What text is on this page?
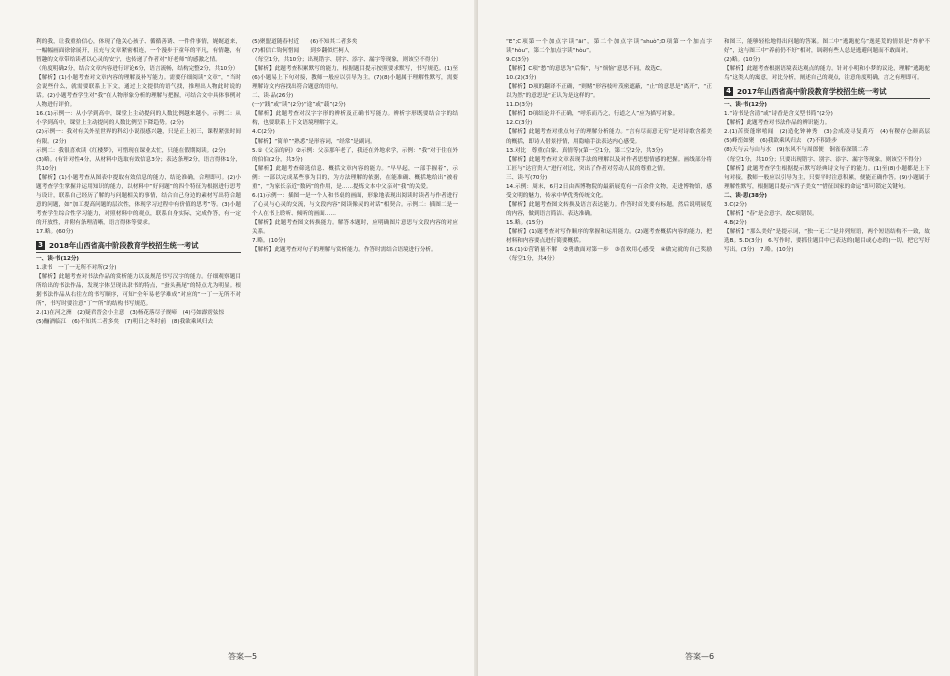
利的我，让我重拾信心，体现了他关心孩子、循循善诱、一件件事情，娓娓道来，一幅幅画面徐徐展开，且充与文章紧密相连，一个漫步于童年的平凡，有情趣，有智趣的文章带给读者以心灵的安宁，也传递了作者对“好老师”的感激之情。

（角度明确2分，结合文章内容进行评论6分，语言流畅，结构完整2分，共10分）

【解析】(1)小题考查对文章内容的理解及补写能力。需要仔细阅读“文章”，“当时会说些什么，就需要联系上下文，通过上文提供的语气找，推理出人物此时说的话。(2)小题考查学生对“我”在人物形象分析的理解与把握，可结合文中具体事例对人物进行评价。

16.(1)示例一：从小学到高中，课堂上主动提问的人数比例越来越小。示例二：从小学到高中，课堂上主动提问的人数比例呈下降趋势。(2分)

(2)示例一：我对有关外星世界的科幻小说很感兴趣，只是正上初三，课程紧张时间有限。(2分)

示例二：我很喜欢读《红楼梦》，可惜现在课业太忙，只能在假期阅读。(2分)

(3)略。(有针对性4分，从材料中选取有效信息3分；表达条理2分，语言得体1分，共10分)

【解析】(1)小题考查从图表中提取有效信息的能力，结论准确，合理即可。(2)小题考查学生掌握并运用知识的能力，以材料中“好问题”的四个特征为根据进行思考与设计，联系自己经历了解的与问题相关的事情，结合自己身边的素材写出符合题意的问题，如“加工提高问题的层次性，体现学习过程中有价值的思考”等。(3)小题考查学生综合性学习能力，对照材料中的观点，联系自身实际，完成作答，有一定的开放性，并附有条理清晰，语言得体等要求。

17.略。(60分)

3 2018年山西省高中阶段教育学校招生统一考试

一、读·书(12分)

1.隶书　一丁一无所不对所(2分)

【解析】此题考查对书法作品的赏析能力以及规范书写汉字的能力。仔细观察题目所给出的书法作品，发现字体呈现出隶书的特点，“蚕头燕尾”的特点尤为明显。根据书法作品从右往左的书写顺序，可知“全年易老学难成”对应的“一丁一无所不对所”，书写时要注意“丁”“所”的结构书写规范。

2.(1)在河之洲　(2)疑君晋会小主意　(3)杨花落尽子规啼　(4)弓如霹雳弦惊

(5)酾酒临江　(6)不知其二者多矣　(7)明日之冬时前　(8)我欲乘风归去

(5)聚盟道随春衬近　　(6)不知其二者多矣

(7)相信亡钩何惜闻　　到乡翻似烂柯人

（每空1分，共10分；出现错字、别字、添字、漏字等现象，则该空不得分）

【解析】此题考查积累默写的能力，根据题目提示按照要求默写，书写规范。(1)至(6)小题易上下句对接，教师一般应以引导为主。(7)(8)小题属于理解性默写，需要理解诗文内容找出符合题意的语句。

二、读·品(26分)

(一)“践”或“读”(2分)“途”或“载”(2分)

【解析】此题考查对汉字字形的辨析及正确书写能力。辨析字形既要结合字的结构，也要联系上下文语境理解字义。

4.C(2分)

【解析】“简单”“熟悉”是形容词，“经常”是副词。

5.①《父亲的码》②示例：父亲那年老了，我还在外地求学，示例：“我”对于住在外的伯伯(2分，共3分)

【解析】此题考查筛选信息、概括文章内容的能力。“早早起，一部手握着”，示例：一部以完成某些事为目的，为方法理解的依据，在能准确、概括地给出“被看重”，“为家长亲近“数码”的作用，是……提炼文本中父亲对“我”的关爱。

6.(1)示例一：插图一是一个人和书桌的画面，形象地表现出阅读时读者与作者进行了心灵与心灵的交流，与文段内容“阅读像灵的对话”相契合。示例二：插图二是一个人在书上聆听、倾听的画面……

【解析】此题考查图文转换能力。解答本题时，应明确图片意思与文段内容的对应关系。

7.略。(10分)

【解析】此题考查对句子的理解与赏析能力。作答时需结合语境进行分析。

答案—5

“E”;C项第一个加点字读“āi”，第二个加点字读“shuò”;D项第一个加点字读“hòu”，第二个加点字读“hòu”。

9.C(3分)

【解析】C项“愁”的意思为“后悔”，与“烦恼”意思不同，故选C。

10.(2)(3分)

【解析】D项的翻译不正确，“则赌”形容枝叶茂密遮蔽，“止”的意思是“离开”，“正以为然”的意思是“正认为是这样的”。

11.D(3分)

【解析】D项结论并不正确，“呼乐而乃之，行道之人”应为描写对象。

12.C(3分)

【解析】此题考查对重点句子的理解分析能力。“言有尽而意无穷”是对诗歌含蓄美的概括，即诗人借景抒情，用隐喻手法表达内心感受。

13.对比　尊重(白象、真情等)(第一空1分，第二空2分，共3分)

【解析】此题考查对文章表现手法的理解以及对作者思想情感的把握。画线部分将工匠与“达官贵人”进行对比，突出了作者对劳动人民的尊重之情。

三、读·写(70分)

14.示例：周末，6月2日由西博物院的最新展览有一百余件文物，走进博物馆，感受文明的魅力，传承中华优秀传统文化。

【解析】此题考查图文转换及语言表达能力。作答时首先要有标题，然后说明展览的内容，做到语言简洁、表达准确。

15.略。(15分)

【解析】(1)题考查对写作顺序的掌握和运用能力。(2)题考查概括内容的能力，把材料和内容要点进行简要概括。

16.(1)①营销量不解　②勇敢面对第一步　③喜欢用心感受　④做完就的自己奖励（每空1分，共4分）

和图三，能够轻松地得出问题的答案。图二中“逃跑驼鸟”逸延荒的情景是“炸驴不好”，这与图三中“养前仍不好”相对，讽刺有些人总是逃避问题而不敢面对。

(2)略。(10分)

【解析】此题考查根据语境表达观点的能力。针对小明和小梦的议论，理解“逃跑驼鸟”这类人的寓意，对比分析，阐述自己的观点，注意角度明确，言之有理即可。

4 2017年山西省高中阶段教育学校招生统一考试

一、读·书(12分)

1.“诗书是含清”或“诗香是含义型书简”(2分)

【解析】此题考查对书法作品的辨识能力。

2.(1)苦资蓬窜嘻闻　(2)造化钟神秀　(3)会成凌寻复黄巧　(4)有稷存仓颜高层　(5)峰峦如聚　(6)我欲乘风归去　(7)不积跬步

(8)天与云与山与水　(9)东风不与周郎便　铜雀春深锁二乔

（每空1分，共10分；只要出现错字、别字、添字、漏字等现象，则该空不得分）

【解析】此题考查学生根据提示默写经典诗文句子的能力。(1)至(8)小题都是上下句对接，教师一般应以引导为主，只要平时注意积累，便能正确作答。(9)小题属于理解性默写，根据题目提示“西子美女”“惜征国家的命运”即可锁定关键句。

二、读·思(38分)

3.C(2分)

【解析】“春”是会意字，故C项错误。

4.B(2分)

【解析】“那么美好”是提示词，“独一无二”是并列短语，两个短语结构不一致，故选B。5.D(3分)　6.写作时，要抓住题目中已表达的(题目或心态的)一切，把它写好写出。(3分)　7.略。(10分)

答案—6
